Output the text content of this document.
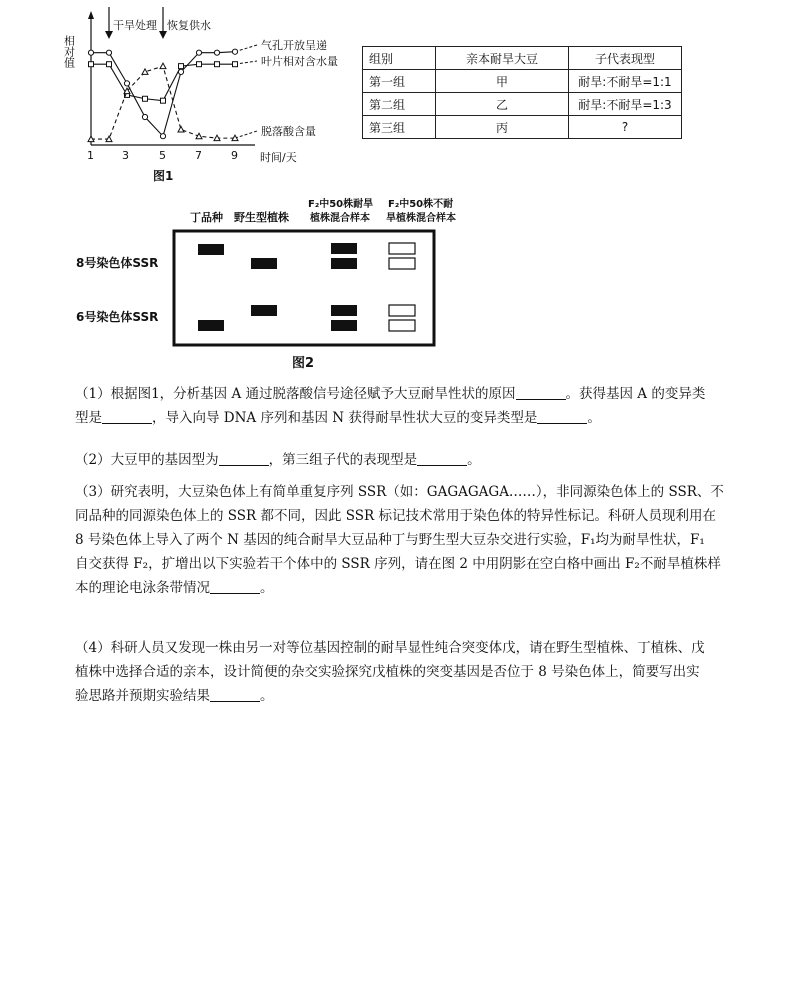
相对值
时间/天
1	3	5	7	9
干旱处理 恢复供水
气孔开放呈递
叶片相对含水量
脱落酸含量
图1
组别	亲本耐旱大豆	子代表现型
第一组	甲	耐旱:不耐旱=1:1
第二组	乙	耐旱:不耐旱=1:3
第三组	丙	?
丁品种 野生型植株
F₂中50株耐旱
植株混合样本
F₂中50株不耐
旱植株混合样本
8号染色体SSR
6号染色体SSR
图2
（1）根据图1，分析基因 A 通过脱落酸信号途径赋予大豆耐旱性状的原因	。获得基因 A 的变异类
型是	，导入向导 DNA 序列和基因 N 获得耐旱性状大豆的变异类型是	。
（2）大豆甲的基因型为	，第三组子代的表现型是	。
（3）研究表明，大豆染色体上有简单重复序列 SSR（如：GAGAGAGA……），非同源染色体上的 SSR、不
同品种的同源染色体上的 SSR 都不同，因此 SSR 标记技术常用于染色体的特异性标记。科研人员现利用在
8 号染色体上导入了两个 N 基因的纯合耐旱大豆品种丁与野生型大豆杂交进行实验，F₁均为耐旱性状，F₁
自交获得 F₂，扩增出以下实验若干个体中的 SSR 序列，请在图 2 中用阴影在空白格中画出 F₂不耐旱植株样
本的理论电泳条带情况	。
（4）科研人员又发现一株由另一对等位基因控制的耐旱显性纯合突变体戊，请在野生型植株、丁植株、戊
植株中选择合适的亲本，设计简便的杂交实验探究戊植株的突变基因是否位于 8 号染色体上，简要写出实
验思路并预期实验结果	。
